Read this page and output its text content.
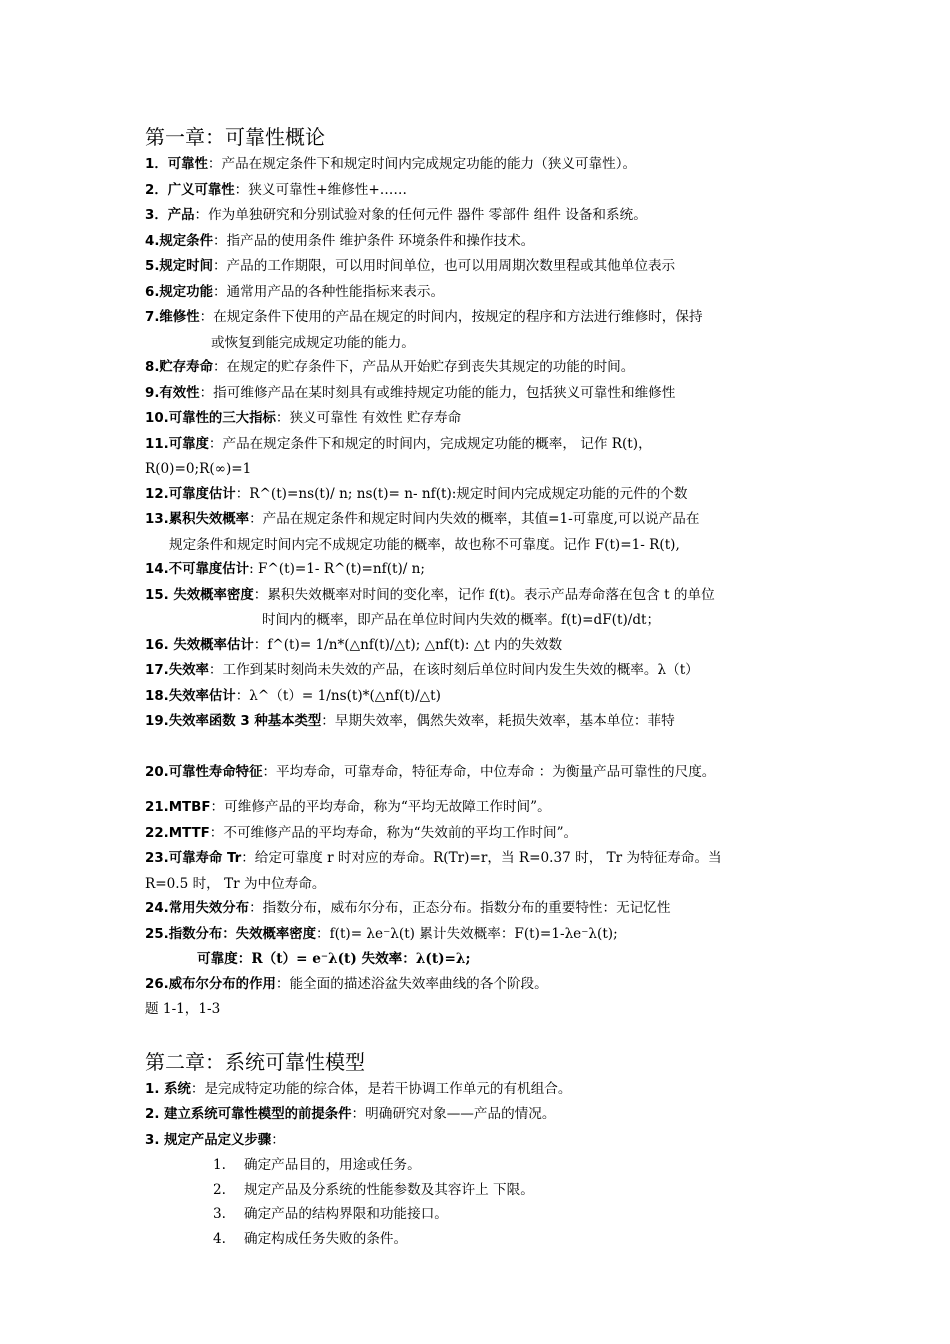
第一章：可靠性概论
1．可靠性：产品在规定条件下和规定时间内完成规定功能的能力（狭义可靠性）。
2．广义可靠性：狭义可靠性+维修性+……
3．产品：作为单独研究和分别试验对象的任何元件 器件 零部件 组件 设备和系统。
4.规定条件：指产品的使用条件 维护条件 环境条件和操作技术。
5.规定时间：产品的工作期限，可以用时间单位，也可以用周期次数里程或其他单位表示
6.规定功能：通常用产品的各种性能指标来表示。
7.维修性：在规定条件下使用的产品在规定的时间内，按规定的程序和方法进行维修时，保持
或恢复到能完成规定功能的能力。
8.贮存寿命：在规定的贮存条件下，产品从开始贮存到丧失其规定的功能的时间。
9.有效性：指可维修产品在某时刻具有或维持规定功能的能力，包括狭义可靠性和维修性
10.可靠性的三大指标：狭义可靠性 有效性 贮存寿命
11.可靠度：产品在规定条件下和规定的时间内，完成规定功能的概率， 记作 R(t)，
R(0)=0;R(∞)=1
12.可靠度估计：R^(t)=ns(t)/ n; ns(t)= n- nf(t):规定时间内完成规定功能的元件的个数
13.累积失效概率：产品在规定条件和规定时间内失效的概率，其值=1-可靠度,可以说产品在
规定条件和规定时间内完不成规定功能的概率，故也称不可靠度。记作 F(t)=1- R(t),
14.不可靠度估计: F^(t)=1- R^(t)=nf(t)/ n;
15. 失效概率密度：累积失效概率对时间的变化率，记作 f(t)。表示产品寿命落在包含 t 的单位
时间内的概率，即产品在单位时间内失效的概率。f(t)=dF(t)/dt；
16. 失效概率估计：f^(t)= 1/n*(△nf(t)/△t); △nf(t): △t 内的失效数
17.失效率：工作到某时刻尚未失效的产品，在该时刻后单位时间内发生失效的概率。λ（t）
18.失效率估计：λ^（t）= 1/ns(t)*(△nf(t)/△t)
19.失效率函数 3 种基本类型：早期失效率，偶然失效率，耗损失效率，基本单位：菲特
20.可靠性寿命特征：平均寿命，可靠寿命，特征寿命，中位寿命 ：为衡量产品可靠性的尺度。
21.MTBF：可维修产品的平均寿命，称为“平均无故障工作时间”。
22.MTTF：不可维修产品的平均寿命，称为“失效前的平均工作时间”。
23.可靠寿命 Tr：给定可靠度 r 时对应的寿命。R(Tr)=r，当 R=0.37 时， Tr 为特征寿命。当
R=0.5 时， Tr 为中位寿命。
24.常用失效分布：指数分布，威布尔分布，正态分布。指数分布的重要特性：无记忆性
25.指数分布：失效概率密度：f(t)= λe⁻λ(t) 累计失效概率：F(t)=1-λe⁻λ(t);
可靠度：R（t）= e⁻λ(t) 失效率：λ(t)=λ;
26.威布尔分布的作用：能全面的描述浴盆失效率曲线的各个阶段。
题 1-1，1-3
第二章：系统可靠性模型
1. 系统：是完成特定功能的综合体，是若干协调工作单元的有机组合。
2. 建立系统可靠性模型的前提条件：明确研究对象——产品的情况。
3. 规定产品定义步骤：
1. 确定产品目的，用途或任务。
2. 规定产品及分系统的性能参数及其容许上 下限。
3. 确定产品的结构界限和功能接口。
4. 确定构成任务失败的条件。
